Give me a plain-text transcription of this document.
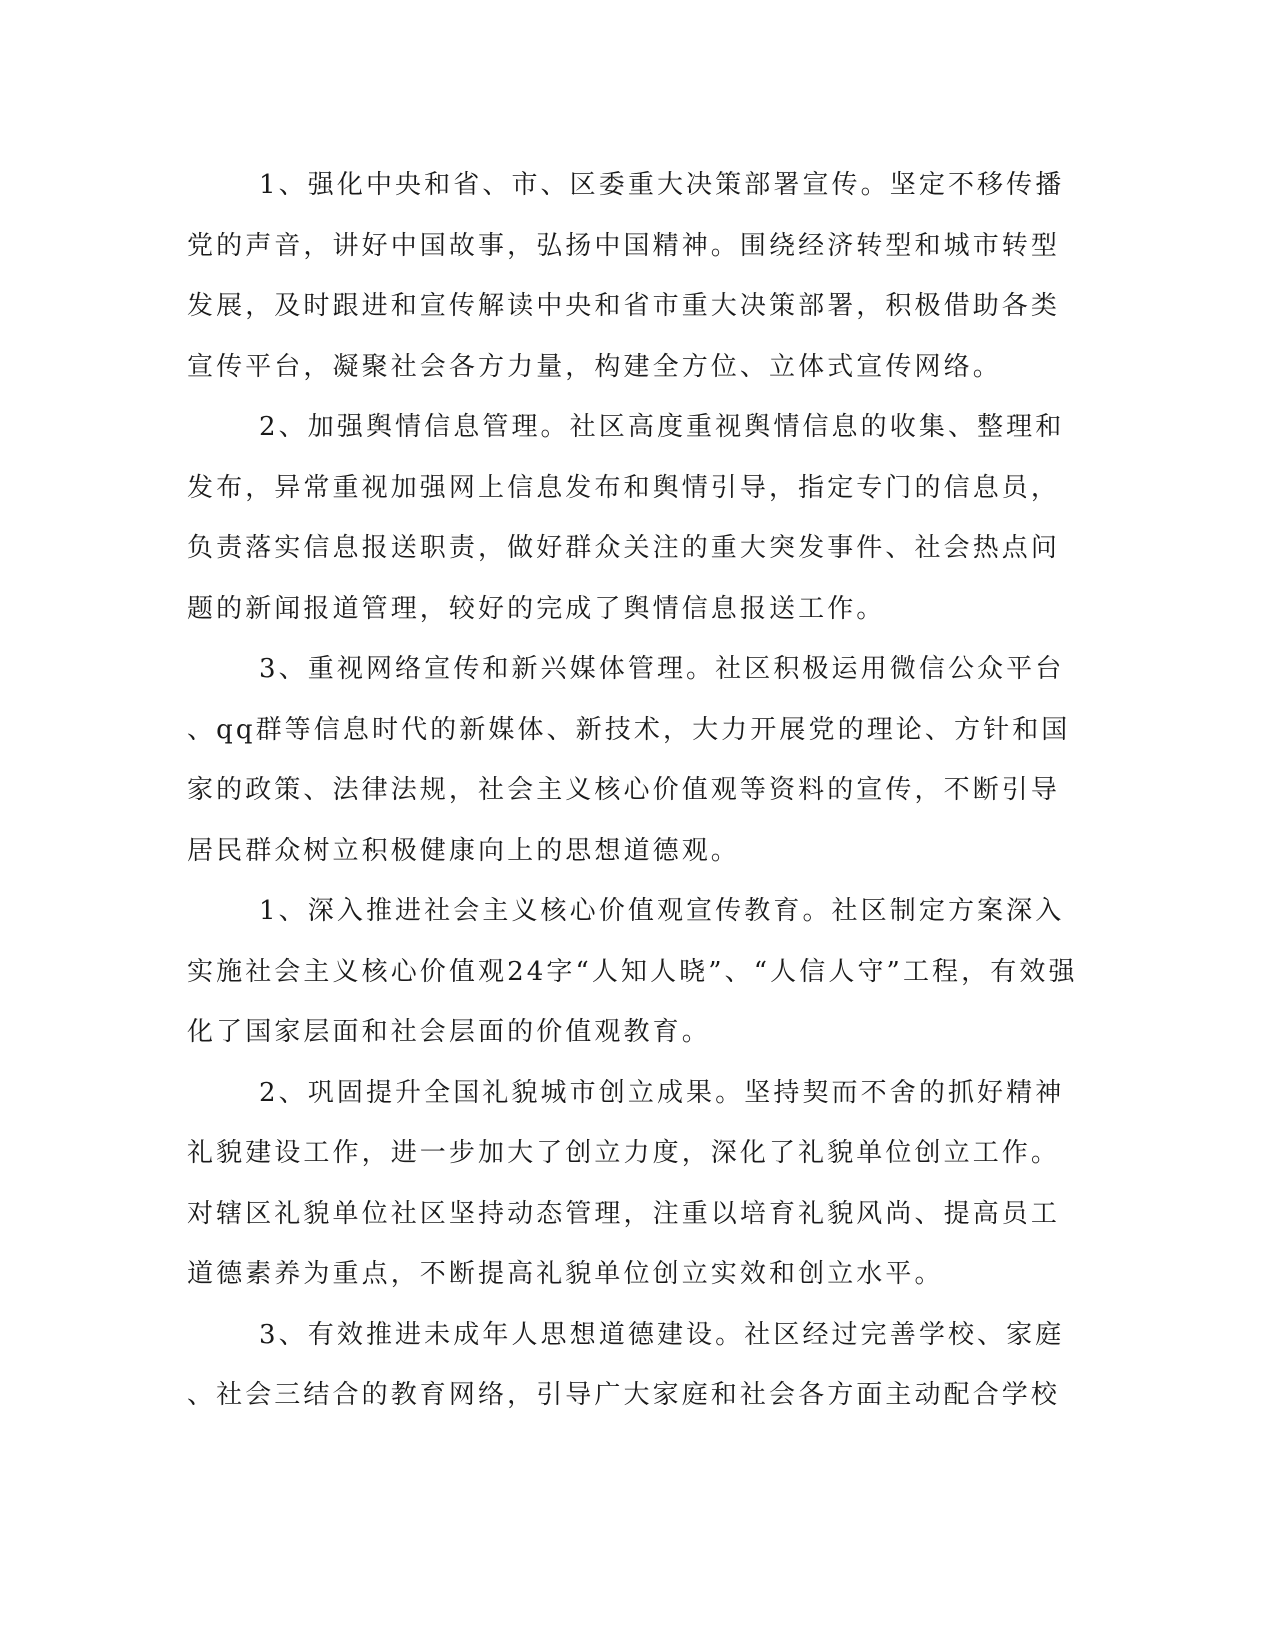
1、强化中央和省、市、区委重大决策部署宣传。坚定不移传播
党的声音，讲好中国故事，弘扬中国精神。围绕经济转型和城市转型
发展，及时跟进和宣传解读中央和省市重大决策部署，积极借助各类
宣传平台，凝聚社会各方力量，构建全方位、立体式宣传网络。
2、加强舆情信息管理。社区高度重视舆情信息的收集、整理和
发布，异常重视加强网上信息发布和舆情引导，指定专门的信息员，
负责落实信息报送职责，做好群众关注的重大突发事件、社会热点问
题的新闻报道管理，较好的完成了舆情信息报送工作。
3、重视网络宣传和新兴媒体管理。社区积极运用微信公众平台
、qq群等信息时代的新媒体、新技术，大力开展党的理论、方针和国
家的政策、法律法规，社会主义核心价值观等资料的宣传，不断引导
居民群众树立积极健康向上的思想道德观。
1、深入推进社会主义核心价值观宣传教育。社区制定方案深入
实施社会主义核心价值观24字“人知人晓”、“人信人守”工程，有效强
化了国家层面和社会层面的价值观教育。
2、巩固提升全国礼貌城市创立成果。坚持契而不舍的抓好精神
礼貌建设工作，进一步加大了创立力度，深化了礼貌单位创立工作。
对辖区礼貌单位社区坚持动态管理，注重以培育礼貌风尚、提高员工
道德素养为重点，不断提高礼貌单位创立实效和创立水平。
3、有效推进未成年人思想道德建设。社区经过完善学校、家庭
、社会三结合的教育网络，引导广大家庭和社会各方面主动配合学校
